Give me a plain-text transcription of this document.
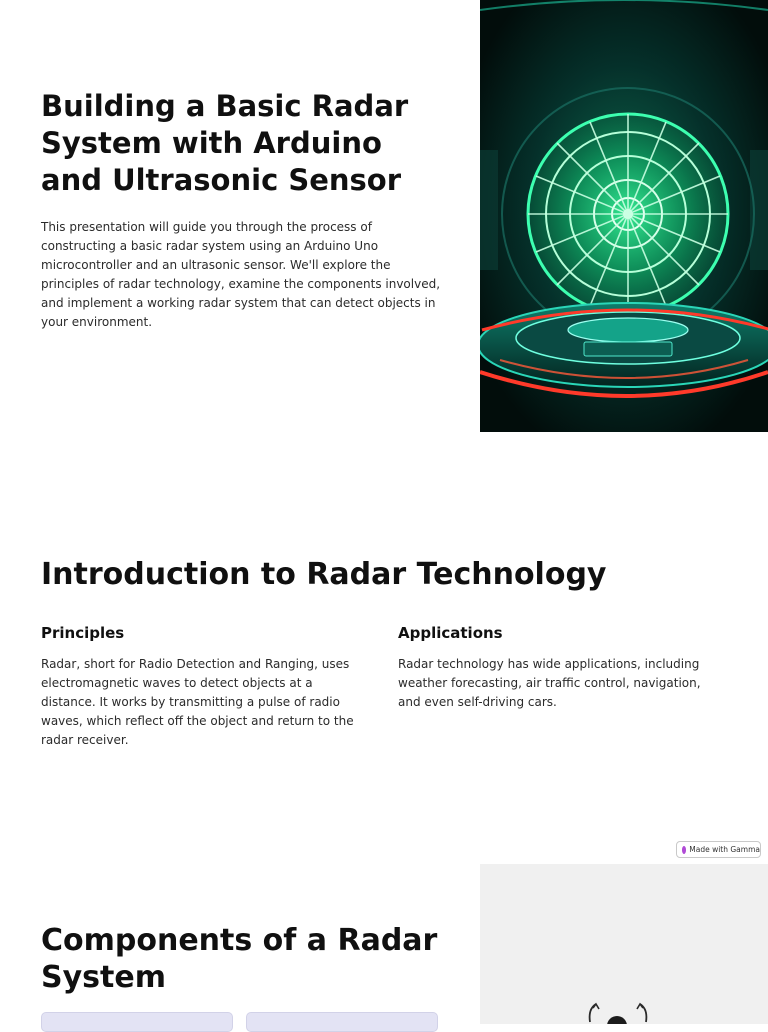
Building a Basic Radar System with Arduino and Ultrasonic Sensor

This presentation will guide you through the process of constructing a basic radar system using an Arduino Uno microcontroller and an ultrasonic sensor. We'll explore the principles of radar technology, examine the components involved, and implement a working radar system that can detect objects in your environment.

Introduction to Radar Technology
Principles

Radar, short for Radio Detection and Ranging, uses electromagnetic waves to detect objects at a distance. It works by transmitting a pulse of radio waves, which reflect off the object and return to the radar receiver.

Applications

Radar technology has wide applications, including weather forecasting, air traffic control, navigation, and even self-driving cars.

Made with Gamma
Components of a Radar System
